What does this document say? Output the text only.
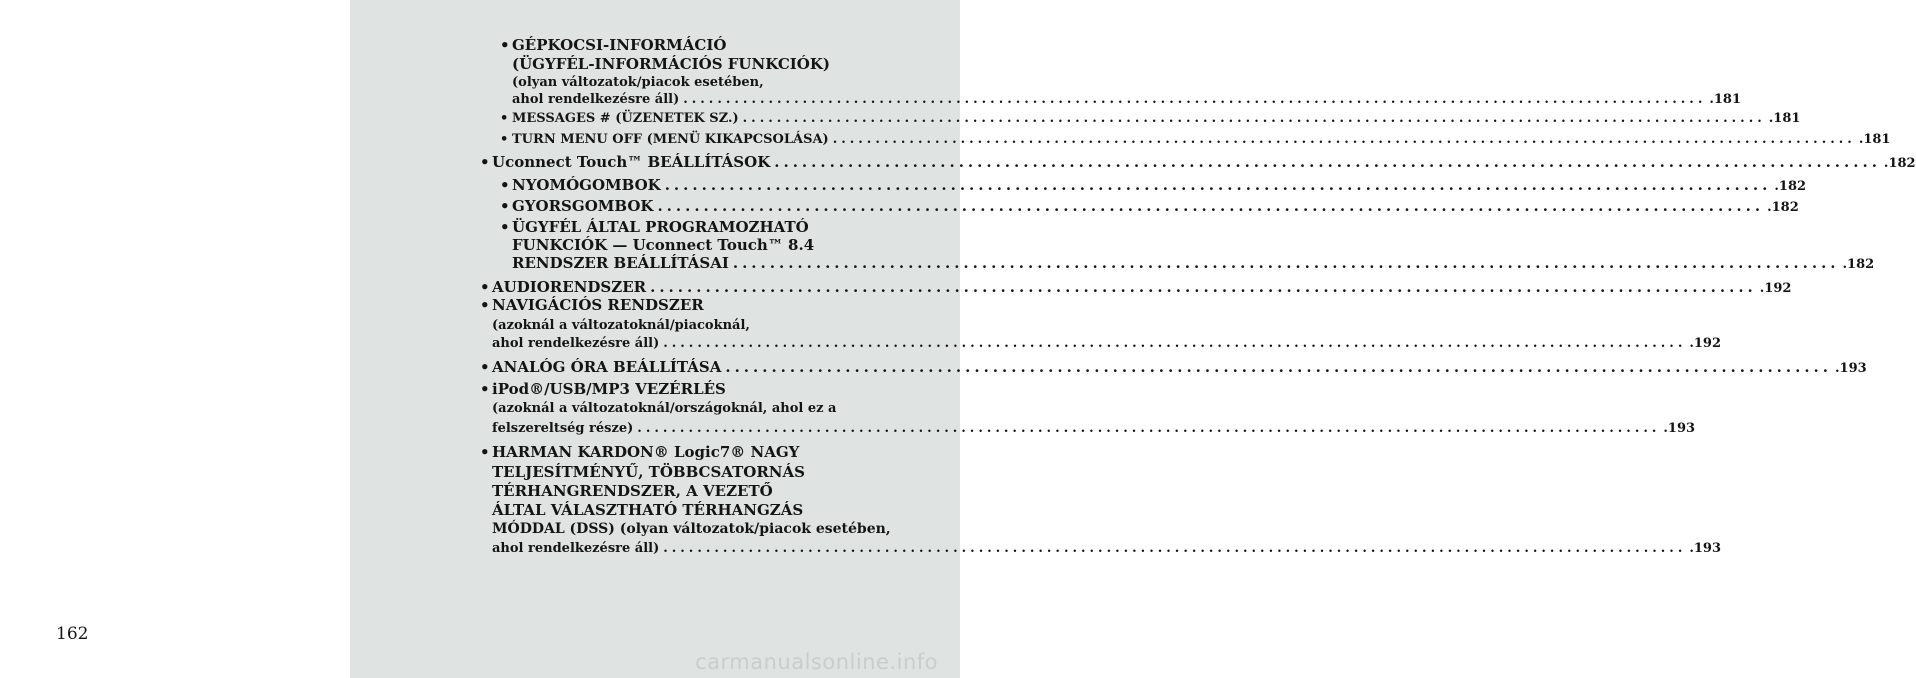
162
• GÉPKOCSI-INFORMÁCIÓ
(ÜGYFÉL-INFORMÁCIÓS FUNKCIÓK)
(olyan változatok/piacok esetében,
ahol rendelkezésre áll) ........................................................................................................................ .181
• MESSAGES # (ÜZENETEK SZ.) ........................................................................................................................ .181
• TURN MENU OFF (MENÜ KIKAPCSOLÁSA) ........................................................................................................................ .181
• Uconnect Touch™ BEÁLLÍTÁSOK ........................................................................................................................ .182
• NYOMÓGOMBOK ........................................................................................................................ .182
• GYORSGOMBOK ........................................................................................................................ .182
• ÜGYFÉL ÁLTAL PROGRAMOZHATÓ
FUNKCIÓK — Uconnect Touch™ 8.4
RENDSZER BEÁLLÍTÁSAI ........................................................................................................................ .182
• AUDIORENDSZER ........................................................................................................................ .192
• NAVIGÁCIÓS RENDSZER
(azoknál a változatoknál/piacoknál,
ahol rendelkezésre áll) ........................................................................................................................ .192
• ANALÓG ÓRA BEÁLLÍTÁSA ........................................................................................................................ .193
• iPod®/USB/MP3 VEZÉRLÉS
(azoknál a változatoknál/országoknál, ahol ez a
felszereltség része) ........................................................................................................................ .193
• HARMAN KARDON® Logic7® NAGY
TELJESÍTMÉNYŰ, TÖBBCSATORNÁS
TÉRHANGRENDSZER, A VEZETŐ
ÁLTAL VÁLASZTHATÓ TÉRHANGZÁS
MÓDDAL (DSS) (olyan változatok/piacok esetében,
ahol rendelkezésre áll) ........................................................................................................................ .193
carmanualsonline.info
